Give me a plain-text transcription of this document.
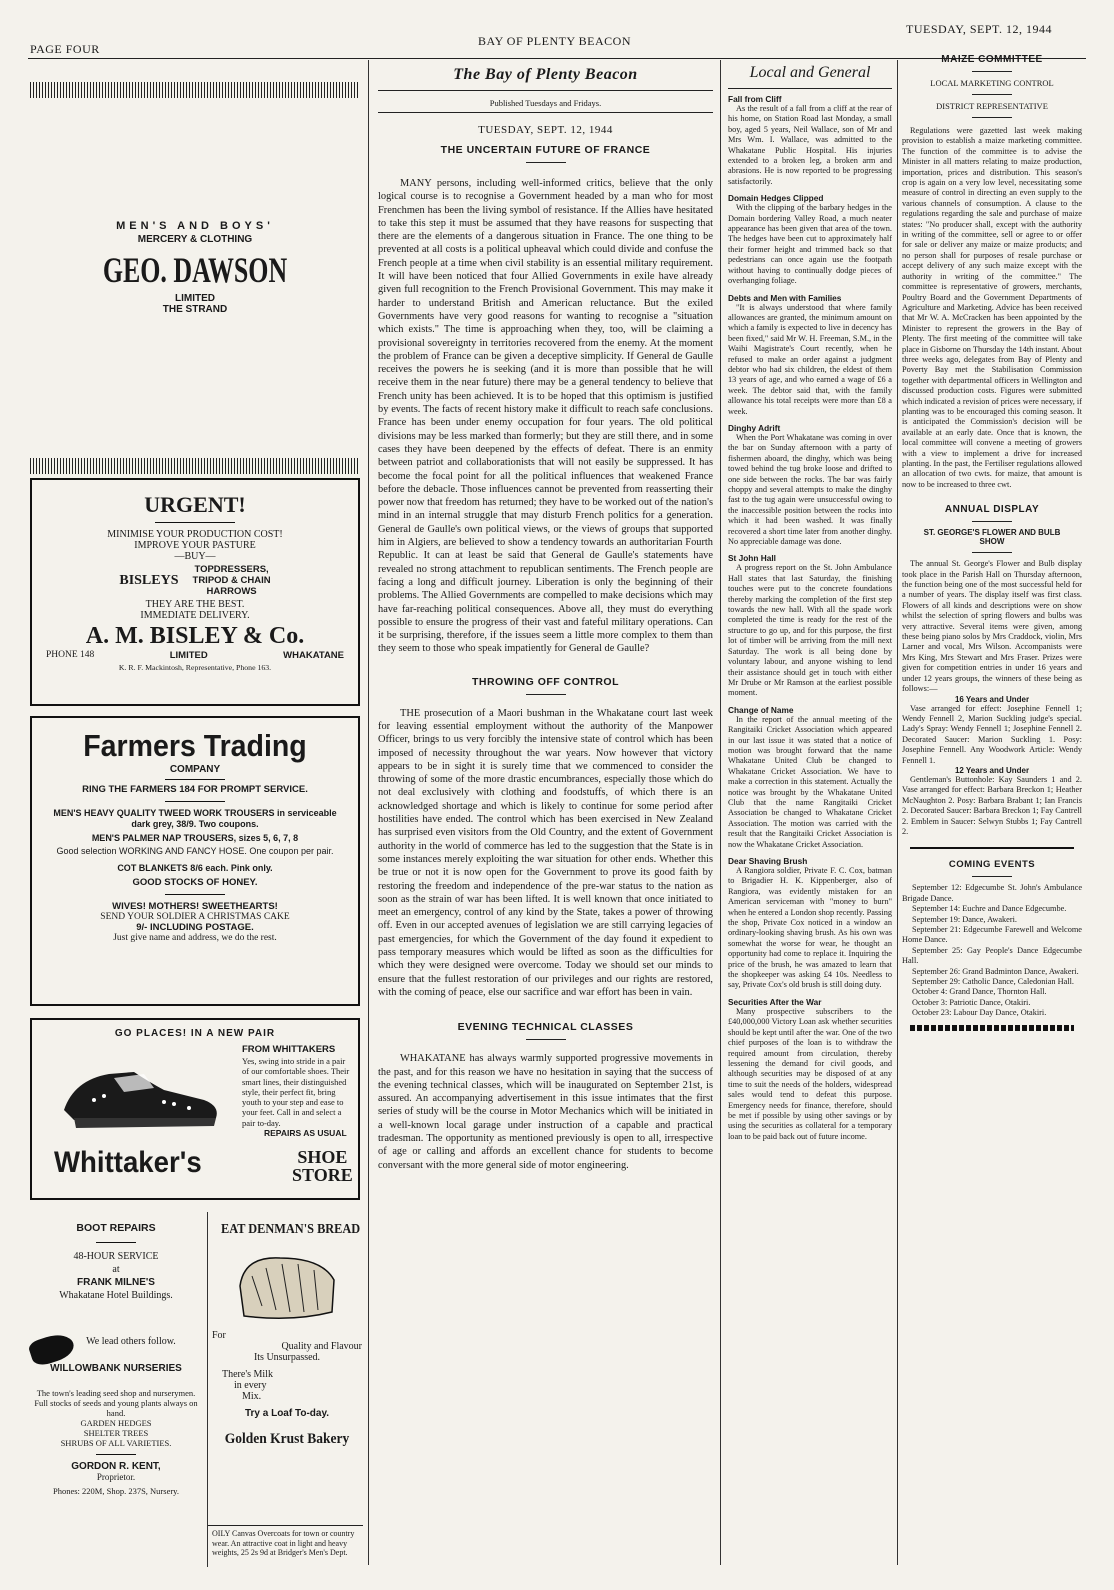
PAGE FOUR
BAY OF PLENTY BEACON
TUESDAY, SEPT. 12, 1944
MEN'S AND BOYS'
MERCERY & CLOTHING
GEO. DAWSON
LIMITED
THE STRAND
URGENT!
MINIMISE YOUR PRODUCTION COST!
IMPROVE YOUR PASTURE
—BUY—
BISLEYS
TOPDRESSERS,
TRIPOD & CHAIN
HARROWS
THEY ARE THE BEST.
IMMEDIATE DELIVERY.
A. M. BISLEY & Co.
PHONE 148	LIMITED	WHAKATANE
K. R. F. Mackintosh, Representative, Phone 163.
Farmers Trading
COMPANY
RING THE FARMERS 184 FOR PROMPT SERVICE.
MEN'S HEAVY QUALITY TWEED WORK TROUSERS in serviceable dark grey, 38/9. Two coupons.
MEN'S PALMER NAP TROUSERS, sizes 5, 6, 7, 8
Good selection WORKING AND FANCY HOSE. One coupon per pair.
COT BLANKETS 8/6 each. Pink only.
GOOD STOCKS OF HONEY.
WIVES! MOTHERS! SWEETHEARTS!
SEND YOUR SOLDIER A CHRISTMAS CAKE
9/- INCLUDING POSTAGE.
Just give name and address, we do the rest.
GO PLACES! IN A NEW PAIR
FROM WHITTAKERS
Yes, swing into stride in a pair of our comfortable shoes. Their smart lines, their distinguished style, their perfect fit, bring youth to your step and ease to your feet. Call in and select a pair to-day.
REPAIRS AS USUAL
Whittaker's	SHOE
STORE
BOOT REPAIRS
48-HOUR SERVICE
at
FRANK MILNE'S
Whakatane Hotel Buildings.
We lead others follow.
WILLOWBANK NURSERIES
The town's leading seed shop and nurserymen. Full stocks of seeds and young plants always on hand.
GARDEN HEDGES
SHELTER TREES
SHRUBS OF ALL VARIETIES.
GORDON R. KENT,
Proprietor.
Phones: 220M, Shop. 237S, Nursery.
EAT DENMAN'S BREAD
For
Quality and Flavour
Its Unsurpassed.
There's Milk
in every
Mix.
Try a Loaf To-day.
Golden Krust Bakery
OILY Canvas Overcoats for town or country wear. An attractive coat in light and heavy weights, 25 2s 9d at Bridger's Men's Dept.
The Bay of Plenty Beacon
Published Tuesdays and Fridays.
TUESDAY, SEPT. 12, 1944
THE UNCERTAIN FUTURE OF FRANCE

MANY persons, including well-informed critics, believe that the only logical course is to recognise a Government headed by a man who for most Frenchmen has been the living symbol of resistance. If the Allies have hesitated to take this step it must be assumed that they have reasons for suspecting that there are the elements of a dangerous situation in France. The one thing to be prevented at all costs is a political upheaval which could divide and confuse the French people at a time when civil stability is an essential military requirement. It will have been noticed that four Allied Governments in exile have already given full recognition to the French Provisional Government. This may make it harder to understand British and American reluctance. But the exiled Governments have very good reasons for wanting to recognise a "situation which exists." The time is approaching when they, too, will be claiming a provisional sovereignty in territories recovered from the enemy. At the moment the problem of France can be given a deceptive simplicity. If General de Gaulle receives the powers he is seeking (and it is more than possible that he will receive them in the near future) there may be a general tendency to believe that French unity has been achieved. It is to be hoped that this optimism is justified by events. The facts of recent history make it difficult to reach safe conclusions. France has been under enemy occupation for four years. The old political divisions may be less marked than formerly; but they are still there, and in some cases they have been deepened by the effects of defeat. There is an enmity between patriot and collaborationists that will not easily be suppressed. It has become the focal point for all the political influences that weakened France before the debacle. Those influences cannot be prevented from reasserting their power now that freedom has returned; they have to be worked out of the nation's mind in an internal struggle that may disturb French politics for a generation. General de Gaulle's own political views, or the views of groups that supported him in Algiers, are believed to show a tendency towards an authoritarian Fourth Republic. It can at least be said that General de Gaulle's statements have revealed no strong attachment to republican sentiments. The French people are facing a long and difficult journey. Liberation is only the beginning of their problems. The Allied Governments are compelled to make decisions which may have far-reaching political consequences. Above all, they must do everything possible to ensure the progress of their vast and fateful military operations. Can it be surprising, therefore, if the issues seem a little more complex to them than they seem to those who speak impatiently for General de Gaulle?

THROWING OFF CONTROL

THE prosecution of a Maori bushman in the Whakatane court last week for leaving essential employment without the authority of the Manpower Officer, brings to us very forcibly the intensive state of control which has been imposed of necessity throughout the war years. Now however that victory appears to be in sight it is surely time that we commenced to consider the throwing of some of the more drastic encumbrances, especially those which do not deal exclusively with clothing and foodstuffs, of which there is an acknowledged shortage and which is likely to continue for some period after hostilities have ended. The control which has been exercised in New Zealand has surprised even visitors from the Old Country, and the extent of Government authority in the world of commerce has led to the suggestion that the State is in some instances merely exploiting the war situation for other ends. Whether this be true or not it is now open for the Government to prove its good faith by restoring the freedom and independence of the pre-war status to the nation as soon as the strain of war has been lifted. It is well known that once initiated to meet an emergency, control of any kind by the State, takes a power of throwing off. Even in our accepted avenues of legislation we are still carrying legacies of past emergencies, for which the Government of the day found it expedient to pass temporary measures which would be lifted as soon as the difficulties for which they were designed were overcome. Today we should set our minds to ensure that the fullest restoration of our privileges and our rights are restored, with the coming of peace, else our sacrifice and war effort has been in vain.

EVENING TECHNICAL CLASSES

WHAKATANE has always warmly supported progressive movements in the past, and for this reason we have no hesitation in saying that the success of the evening technical classes, which will be inaugurated on September 21st, is assured. An accompanying advertisement in this issue intimates that the first series of study will be the course in Motor Mechanics which will be initiated in a well-known local garage under instruction of a capable and practical tradesman. The opportunity as mentioned previously is open to all, irrespective of age or calling and affords an excellent chance for students to become conversant with the more general side of motor engineering.

Local and General
Fall from Cliff

As the result of a fall from a cliff at the rear of his home, on Station Road last Monday, a small boy, aged 5 years, Neil Wallace, son of Mr and Mrs Wm. I. Wallace, was admitted to the Whakatane Public Hospital. His injuries extended to a broken leg, a broken arm and abrasions. He is now reported to be progressing satisfactorily.

Domain Hedges Clipped

With the clipping of the barbary hedges in the Domain bordering Valley Road, a much neater appearance has been given that area of the town. The hedges have been cut to approximately half their former height and trimmed back so that pedestrians can once again use the footpath without having to continually dodge pieces of overhanging foliage.

Debts and Men with Families

"It is always understood that where family allowances are granted, the minimum amount on which a family is expected to live in decency has been fixed," said Mr W. H. Freeman, S.M., in the Waihi Magistrate's Court recently, when he refused to make an order against a judgment debtor who had six children, the eldest of them 13 years of age, and who earned a wage of £6 a week. The debtor said that, with the family allowance his total receipts were more than £8 a week.

Dinghy Adrift

When the Port Whakatane was coming in over the bar on Sunday afternoon with a party of fishermen aboard, the dinghy, which was being towed behind the tug broke loose and drifted to one side between the rocks. The bar was fairly choppy and several attempts to make the dinghy fast to the tug again were unsuccessful owing to the inaccessible position between the rocks into which it had been washed. It was finally recovered a short time later from another dinghy. No appreciable damage was done.

St John Hall

A progress report on the St. John Ambulance Hall states that last Saturday, the finishing touches were put to the concrete foundations thereby marking the completion of the first step towards the new hall. With all the spade work completed the time is ready for the rest of the structure to go up, and for this purpose, the first lot of timber will be arriving from the mill next Saturday. The work is all being done by voluntary labour, and anyone wishing to lend their assistance should get in touch with either Mr Drube or Mr Ramson at the earliest possible moment.

Change of Name

In the report of the annual meeting of the Rangitaiki Cricket Association which appeared in our last issue it was stated that a notice of motion was brought forward that the name Whakatane United Club be changed to Whakatane Cricket Association. We have to make a correction in this statement. Actually the notice was brought by the Whakatane United Club that the name Rangitaiki Cricket Association be changed to Whakatane Cricket Association. The motion was carried with the result that the Rangitaiki Cricket Association is now the Whakatane Cricket Association.

Dear Shaving Brush

A Rangiora soldier, Private F. C. Cox, batman to Brigadier H. K. Kippenberger, also of Rangiora, was evidently mistaken for an American serviceman with "money to burn" when he entered a London shop recently. Passing the shop, Private Cox noticed in a window an ordinary-looking shaving brush. As his own was somewhat the worse for wear, he thought an opportunity had come to replace it. Inquiring the price of the brush, he was amazed to learn that the shopkeeper was asking £4 10s. Needless to say, Private Cox's old brush is still doing duty.

Securities After the War

Many prospective subscribers to the £40,000,000 Victory Loan ask whether securities should be kept until after the war. One of the two chief purposes of the loan is to withdraw the required amount from circulation, thereby lessening the demand for civil goods, and although securities may be disposed of at any time to suit the needs of the holders, widespread sales would tend to defeat this purpose. Emergency needs for finance, therefore, should be met if possible by using other savings or by using the securities as collateral for a temporary loan to be paid back out of future income.

MAIZE COMMITTEE
LOCAL MARKETING CONTROL
DISTRICT REPRESENTATIVE

Regulations were gazetted last week making provision to establish a maize marketing committee. The function of the committee is to advise the Minister in all matters relating to maize production, importation, prices and distribution. This season's crop is again on a very low level, necessitating some measure of control in directing an even supply to the various channels of consumption. A clause to the regulations regarding the sale and purchase of maize states: "No producer shall, except with the authority in writing of the committee, sell or agree to or offer for sale or deliver any maize or maize products; and no person shall for purposes of resale purchase or accept delivery of any such maize except with the authority in writing of the committee." The committee is representative of growers, merchants, Poultry Board and the Government Departments of Agriculture and Marketing. Advice has been received that Mr W. A. McCracken has been appointed by the Minister to represent the growers in the Bay of Plenty. The first meeting of the committee will take place in Gisborne on Thursday the 14th instant. About three weeks ago, delegates from Bay of Plenty and Poverty Bay met the Stabilisation Commission together with departmental officers in Wellington and discussed production costs. Figures were submitted which indicated a revision of prices were necessary, if planting was to be encouraged this coming season. It is anticipated the Commission's decision will be available at an early date. Once that is known, the local committee will convene a meeting of growers with a view to implement a drive for increased planting. In the past, the Fertiliser regulations allowed an allocation of two cwts. for maize, that amount is now to be increased to three cwt.

ANNUAL DISPLAY
ST. GEORGE'S FLOWER AND BULB SHOW

The annual St. George's Flower and Bulb display took place in the Parish Hall on Thursday afternoon, the function being one of the most successful held for a number of years. The display itself was first class. Flowers of all kinds and descriptions were on show whilst the selection of spring flowers and bulbs was very attractive. Several items were given, among these being piano solos by Mrs Craddock, violin, Mrs Larner and vocal, Mrs Wilson. Accompanists were Mrs King, Mrs Stewart and Mrs Fraser. Prizes were given for competition entries in under 16 years and under 12 years groups, the winners of these being as follows:—

16 Years and Under

Vase arranged for effect: Josephine Fennell 1; Wendy Fennell 2, Marion Suckling judge's special. Lady's Spray: Wendy Fennell 1; Josephine Fennell 2. Decorated Saucer: Marion Suckling 1. Posy: Josephine Fennell. Any Woodwork Article: Wendy Fennell 1.

12 Years and Under

Gentleman's Buttonhole: Kay Saunders 1 and 2. Vase arranged for effect: Barbara Breckon 1; Heather McNaughton 2. Posy: Barbara Brabant 1; Ian Francis 2. Decorated Saucer: Barbara Breckon 1; Fay Cantrell 2. Emblem in Saucer: Selwyn Stubbs 1; Fay Cantrell 2.

COMING EVENTS
September 12: Edgecumbe St. John's Ambulance Brigade Dance.
September 14: Euchre and Dance Edgecumbe.
September 19: Dance, Awakeri.
September 21: Edgecumbe Farewell and Welcome Home Dance.
September 25: Gay People's Dance Edgecumbe Hall.
September 26: Grand Badminton Dance, Awakeri.
September 29: Catholic Dance, Caledonian Hall.
October 4: Grand Dance, Thornton Hall.
October 3: Patriotic Dance, Otakiri.
October 23: Labour Day Dance, Otakiri.
